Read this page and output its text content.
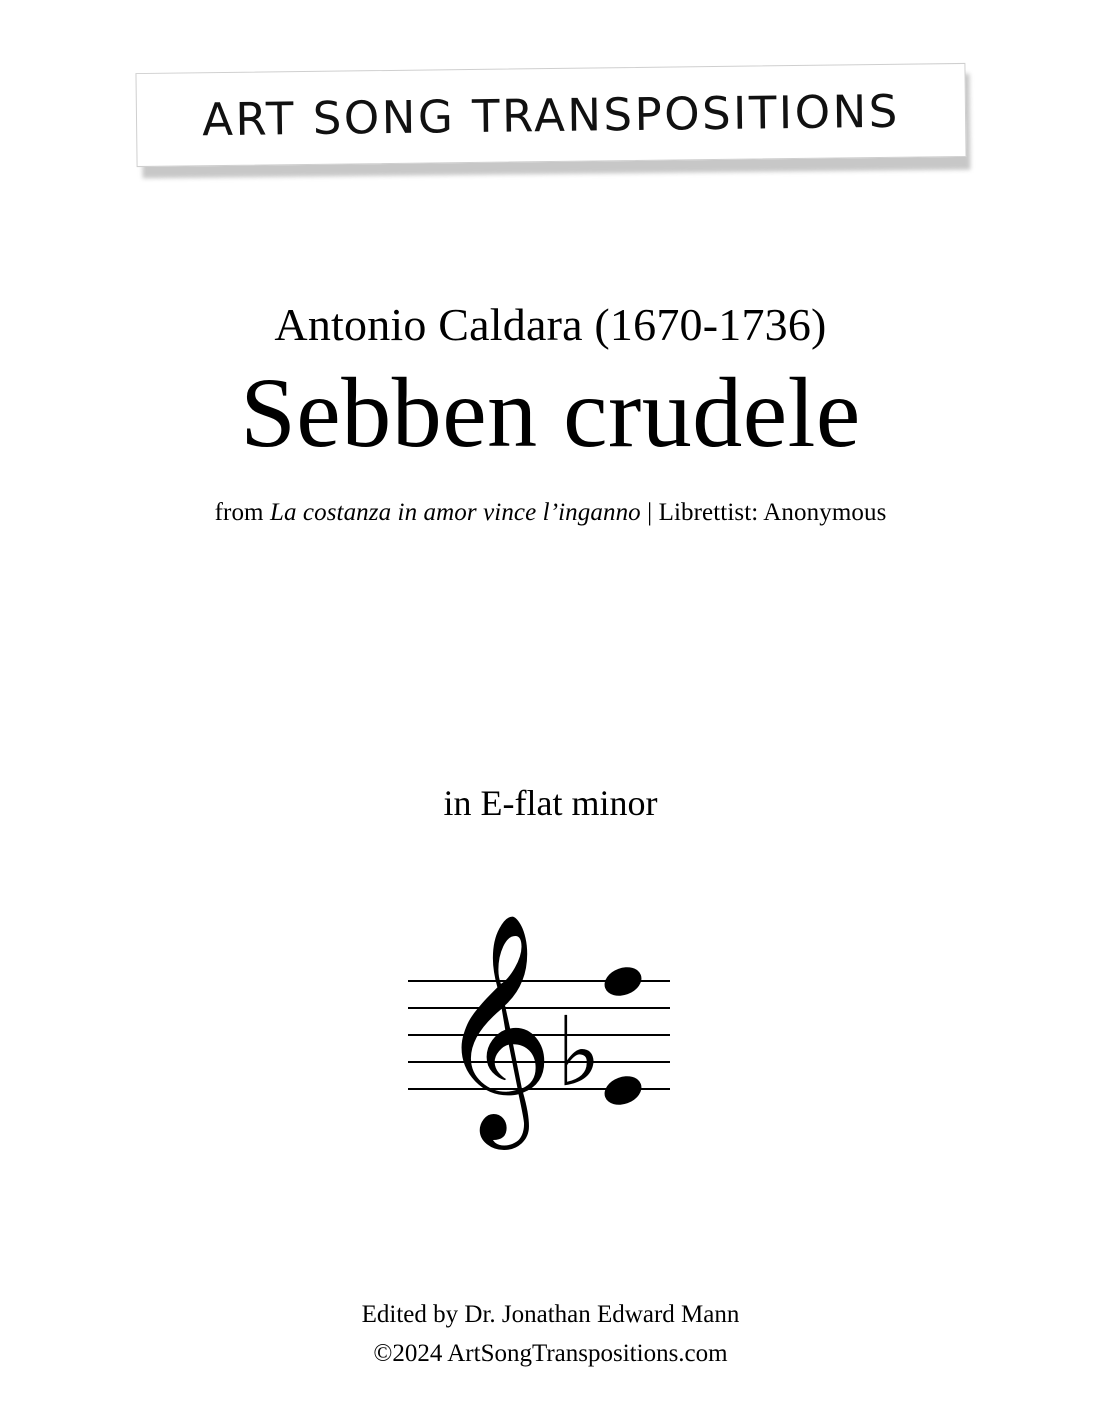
ART SONG TRANSPOSITIONS
Antonio Caldara (1670-1736)
Sebben crudele
from La costanza in amor vince l’inganno | Librettist: Anonymous
in E-flat minor
𝄞 ♭
Edited by Dr. Jonathan Edward Mann
©2024 ArtSongTranspositions.com
